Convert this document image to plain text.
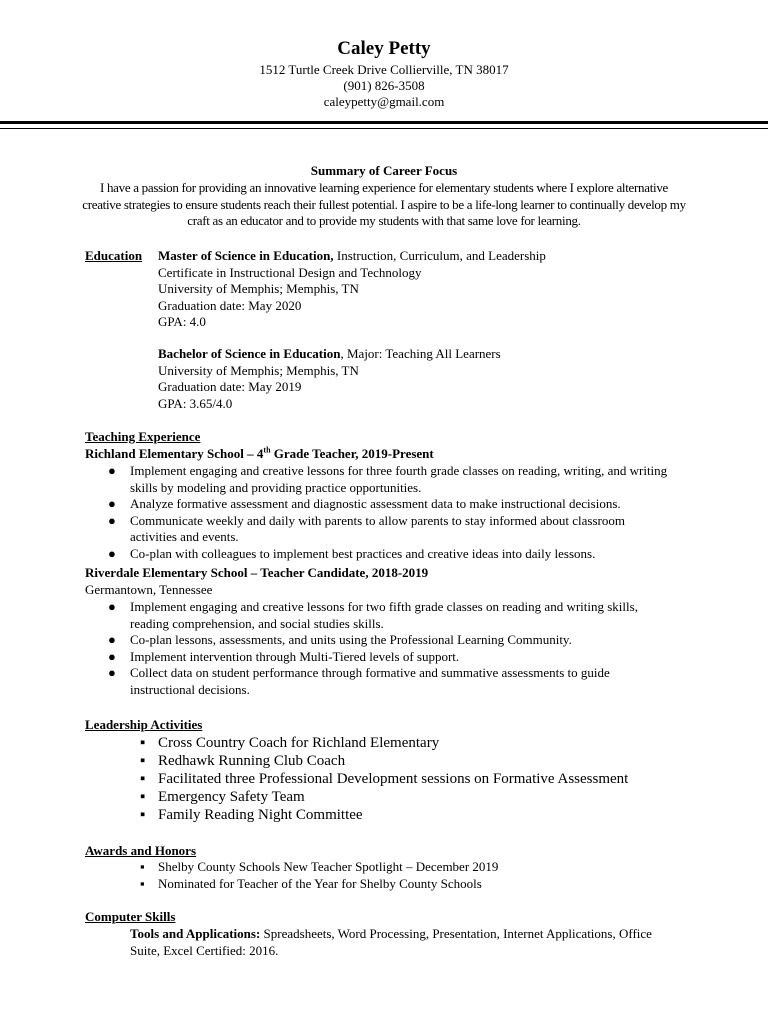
Caley Petty
1512 Turtle Creek Drive Collierville, TN 38017
(901) 826-3508
caleypetty@gmail.com
Summary of Career Focus
I have a passion for providing an innovative learning experience for elementary students where I explore alternative creative strategies to ensure students reach their fullest potential. I aspire to be a life-long learner to continually develop my craft as an educator and to provide my students with that same love for learning.
Education Master of Science in Education, Instruction, Curriculum, and Leadership
Certificate in Instructional Design and Technology
University of Memphis; Memphis, TN
Graduation date: May 2020
GPA: 4.0
Bachelor of Science in Education, Major: Teaching All Learners
University of Memphis; Memphis, TN
Graduation date: May 2019
GPA: 3.65/4.0
Teaching Experience
Richland Elementary School – 4th Grade Teacher, 2019-Present
● Implement engaging and creative lessons for three fourth grade classes on reading, writing, and writing skills by modeling and providing practice opportunities.
● Analyze formative assessment and diagnostic assessment data to make instructional decisions.
● Communicate weekly and daily with parents to allow parents to stay informed about classroom activities and events.
● Co-plan with colleagues to implement best practices and creative ideas into daily lessons.
Riverdale Elementary School – Teacher Candidate, 2018-2019
Germantown, Tennessee
● Implement engaging and creative lessons for two fifth grade classes on reading and writing skills, reading comprehension, and social studies skills.
● Co-plan lessons, assessments, and units using the Professional Learning Community.
● Implement intervention through Multi-Tiered levels of support.
● Collect data on student performance through formative and summative assessments to guide instructional decisions.
Leadership Activities
▪ Cross Country Coach for Richland Elementary
▪ Redhawk Running Club Coach
▪ Facilitated three Professional Development sessions on Formative Assessment
▪ Emergency Safety Team
▪ Family Reading Night Committee
Awards and Honors
▪ Shelby County Schools New Teacher Spotlight – December 2019
▪ Nominated for Teacher of the Year for Shelby County Schools
Computer Skills
Tools and Applications: Spreadsheets, Word Processing, Presentation, Internet Applications, Office Suite, Excel Certified: 2016.
